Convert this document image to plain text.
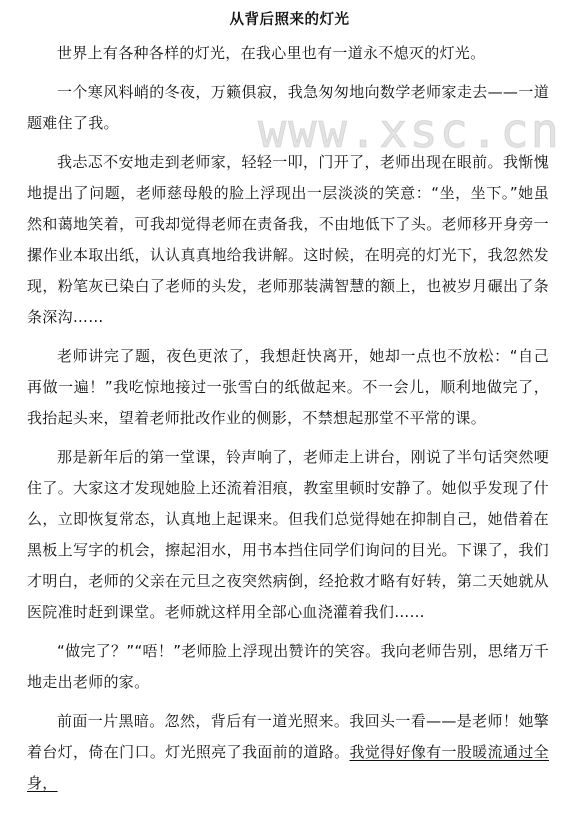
www.xsc.cn
从背后照来的灯光

世界上有各种各样的灯光，在我心里也有一道永不熄灭的灯光。

一个寒风料峭的冬夜，万籁俱寂，我急匆匆地向数学老师家走去——一道题难住了我。

我忐忑不安地走到老师家，轻轻一叩，门开了，老师出现在眼前。我惭愧地提出了问题，老师慈母般的脸上浮现出一层淡淡的笑意：“坐，坐下。”她虽然和蔼地笑着，可我却觉得老师在责备我，不由地低下了头。老师移开身旁一摞作业本取出纸，认认真真地给我讲解。这时候，在明亮的灯光下，我忽然发现，粉笔灰已染白了老师的头发，老师那装满智慧的额上，也被岁月碾出了条条深沟……

老师讲完了题，夜色更浓了，我想赶快离开，她却一点也不放松：“自己再做一遍！”我吃惊地接过一张雪白的纸做起来。不一会儿，顺利地做完了，我抬起头来，望着老师批改作业的侧影，不禁想起那堂不平常的课。

那是新年后的第一堂课，铃声响了，老师走上讲台，刚说了半句话突然哽住了。大家这才发现她脸上还流着泪痕，教室里顿时安静了。她似乎发现了什么，立即恢复常态，认真地上起课来。但我们总觉得她在抑制自己，她借着在黑板上写字的机会，擦起泪水，用书本挡住同学们询问的目光。下课了，我们才明白，老师的父亲在元旦之夜突然病倒，经抢救才略有好转，第二天她就从医院准时赶到课堂。老师就这样用全部心血浇灌着我们……

“做完了？”“唔！”老师脸上浮现出赞许的笑容。我向老师告别，思绪万千地走出老师的家。

前面一片黑暗。忽然，背后有一道光照来。我回头一看——是老师！她擎着台灯，倚在门口。灯光照亮了我面前的道路。我觉得好像有一股暖流通过全身，
